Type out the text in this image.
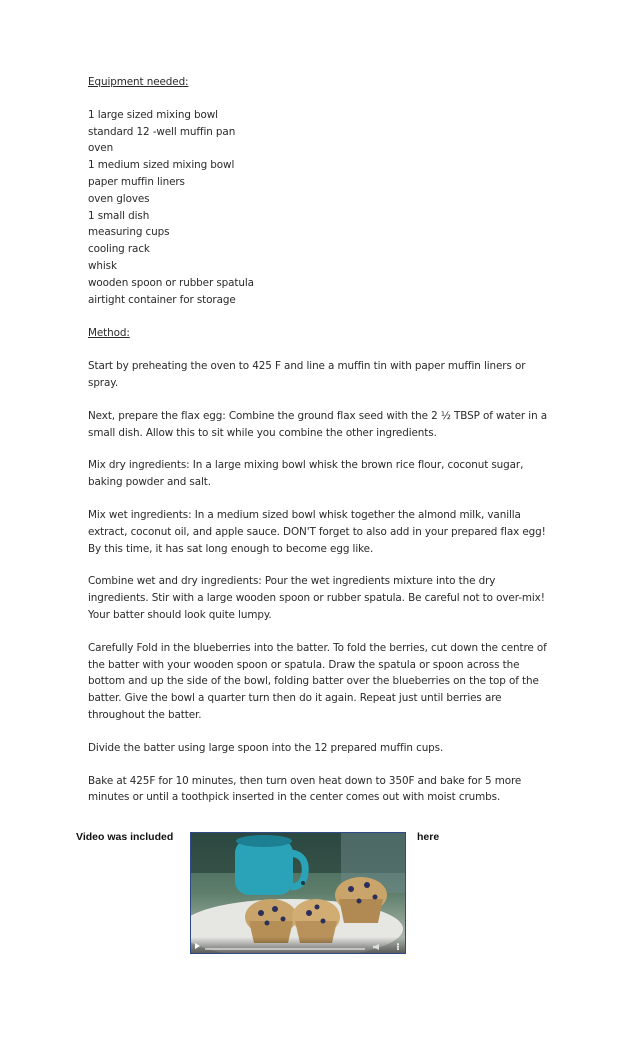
Equipment needed:

1 large sized mixing bowl
standard 12 -well muffin pan
oven
1 medium sized mixing bowl
paper muffin liners
oven gloves
1 small dish
measuring cups
cooling rack
whisk
wooden spoon or rubber spatula
airtight container for storage

Method:

Start by preheating the oven to 425 F and line a muffin tin with paper muffin liners or spray.

Next, prepare the flax egg: Combine the ground flax seed with the 2 ½ TBSP of water in a small dish. Allow this to sit while you combine the other ingredients.

Mix dry ingredients: In a large mixing bowl whisk the brown rice flour, coconut sugar, baking powder and salt.

Mix wet ingredients: In a medium sized bowl whisk together the almond milk, vanilla extract, coconut oil, and apple sauce. DON'T forget to also add in your prepared flax egg! By this time, it has sat long enough to become egg like.

Combine wet and dry ingredients: Pour the wet ingredients mixture into the dry ingredients. Stir with a large wooden spoon or rubber spatula. Be careful not to over-mix! Your batter should look quite lumpy.

Carefully Fold in the blueberries into the batter. To fold the berries, cut down the centre of the batter with your wooden spoon or spatula. Draw the spatula or spoon across the bottom and up the side of the bowl, folding batter over the blueberries on the top of the batter. Give the bowl a quarter turn then do it again. Repeat just until berries are throughout the batter.

Divide the batter using large spoon into the 12 prepared muffin cups.

Bake at 425F for 10 minutes, then turn oven heat down to 350F and bake for 5 more minutes or until a toothpick inserted in the center comes out with moist crumbs.

Video was included	here
